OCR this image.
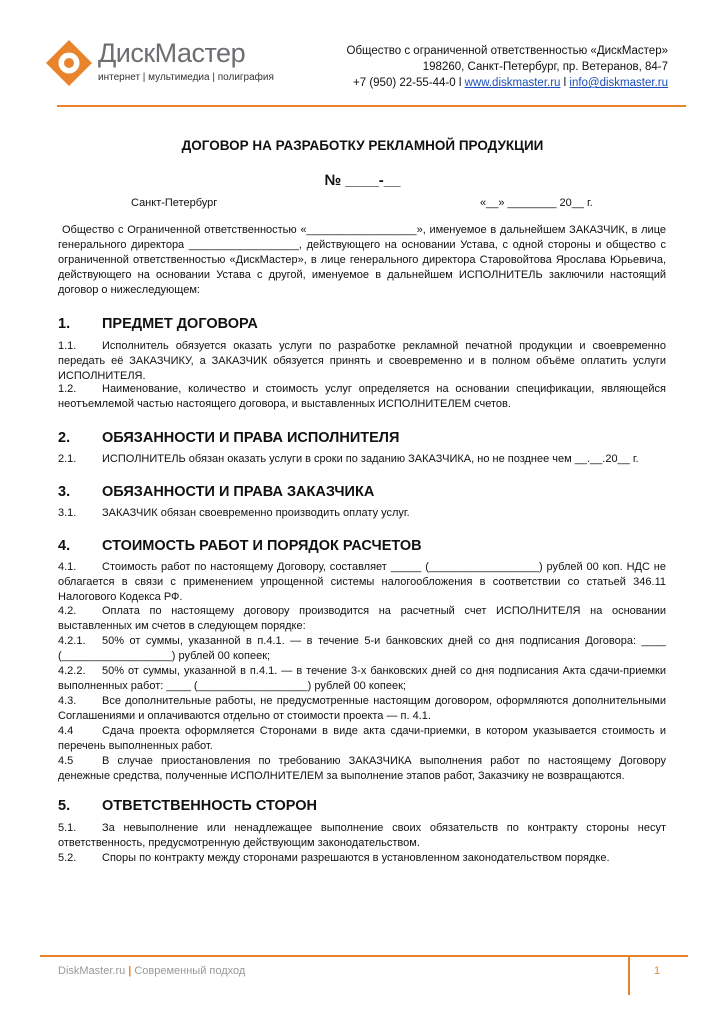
ДискМастер
интернет | мультимедиа | полиграфия
Общество с ограниченной ответственностью «ДискМастер»
198260, Санкт-Петербург, пр. Ветеранов, 84-7
+7 (950) 22-55-44-0 l www.diskmaster.ru l info@diskmaster.ru
ДОГОВОР НА РАЗРАБОТКУ РЕКЛАМНОЙ ПРОДУКЦИИ
№ ____-__
Санкт-Петербург	«__» ________ 20__ г.
Общество с Ограниченной ответственностью «__________________», именуемое в дальнейшем ЗАКАЗЧИК, в лице генерального директора __________________, действующего на основании Устава, с одной стороны и общество с ограниченной ответственностью «ДискМастер», в лице генерального директора Старовойтова Ярослава Юрьевича, действующего на основании Устава с другой, именуемое в дальнейшем ИСПОЛНИТЕЛЬ заключили настоящий договор о нижеследующем:
1. ПРЕДМЕТ ДОГОВОРА
1.1. Исполнитель обязуется оказать услуги по разработке рекламной печатной продукции и своевременно передать её ЗАКАЗЧИКУ, а ЗАКАЗЧИК обязуется принять и своевременно и в полном объёме оплатить услуги ИСПОЛНИТЕЛЯ.
1.2. Наименование, количество и стоимость услуг определяется на основании спецификации, являющейся неотъемлемой частью настоящего договора, и выставленных ИСПОЛНИТЕЛЕМ счетов.
2. ОБЯЗАННОСТИ И ПРАВА ИСПОЛНИТЕЛЯ
2.1. ИСПОЛНИТЕЛЬ обязан оказать услуги в сроки по заданию ЗАКАЗЧИКА, но не позднее чем __.__.20__ г.
3. ОБЯЗАННОСТИ И ПРАВА ЗАКАЗЧИКА
3.1. ЗАКАЗЧИК обязан своевременно производить оплату услуг.
4. СТОИМОСТЬ РАБОТ И ПОРЯДОК РАСЧЕТОВ
4.1. Стоимость работ по настоящему Договору, составляет _____ (__________________) рублей 00 коп. НДС не облагается в связи с применением упрощенной системы налогообложения в соответствии со статьей 346.11 Налогового Кодекса РФ.
4.2. Оплата по настоящему договору производится на расчетный счет ИСПОЛНИТЕЛЯ на основании выставленных им счетов в следующем порядке:
4.2.1. 50% от суммы, указанной в п.4.1. — в течение 5-и банковских дней со дня подписания Договора: ____ (__________________) рублей 00 копеек;
4.2.2. 50% от суммы, указанной в п.4.1. — в течение 3-х банковских дней со дня подписания Акта сдачи-приемки выполненных работ: ____ (__________________) рублей 00 копеек;
4.3. Все дополнительные работы, не предусмотренные настоящим договором, оформляются дополнительными Соглашениями и оплачиваются отдельно от стоимости проекта — п. 4.1.
4.4	Сдача проекта оформляется Сторонами в виде акта сдачи-приемки, в котором указывается стоимость и перечень выполненных работ.
4.5	В случае приостановления по требованию ЗАКАЗЧИКА выполнения работ по настоящему Договору денежные средства, полученные ИСПОЛНИТЕЛЕМ за выполнение этапов работ, Заказчику не возвращаются.
5. ОТВЕТСТВЕННОСТЬ СТОРОН
5.1. За невыполнение или ненадлежащее выполнение своих обязательств по контракту стороны несут ответственность, предусмотренную действующим законодательством.
5.2. Споры по контракту между сторонами разрешаются в установленном законодательством порядке.
DiskMaster.ru | Современный подход	1
